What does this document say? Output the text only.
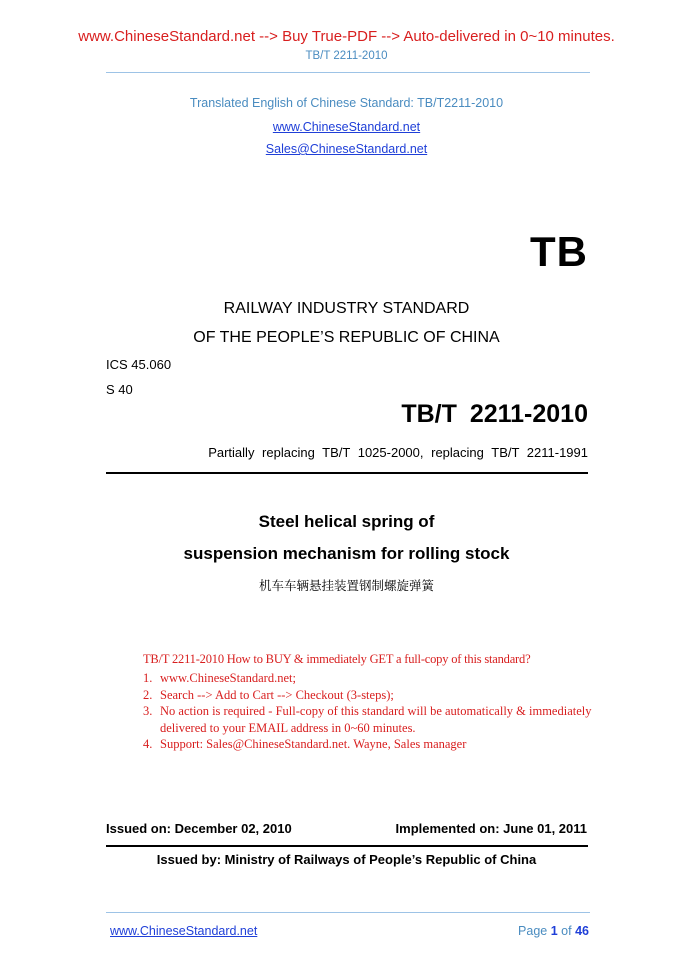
www.ChineseStandard.net --> Buy True-PDF --> Auto-delivered in 0~10 minutes.
TB/T 2211-2010
Translated English of Chinese Standard: TB/T2211-2010
www.ChineseStandard.net
Sales@ChineseStandard.net
TB
RAILWAY INDUSTRY STANDARD
OF THE PEOPLE’S REPUBLIC OF CHINA
ICS 45.060
S 40
TB/T 2211-2010
Partially replacing TB/T 1025-2000, replacing TB/T 2211-1991
Steel helical spring of
suspension mechanism for rolling stock
机车车辆悬挂装置钢制螺旋弹簧
TB/T 2211-2010 How to BUY & immediately GET a full-copy of this standard?
1. www.ChineseStandard.net;
2. Search --> Add to Cart --> Checkout (3-steps);
3. No action is required - Full-copy of this standard will be automatically & immediately delivered to your EMAIL address in 0~60 minutes.
4. Support: Sales@ChineseStandard.net. Wayne, Sales manager
Issued on: December 02, 2010	Implemented on: June 01, 2011
Issued by: Ministry of Railways of People’s Republic of China
www.ChineseStandard.net	Page 1 of 46
